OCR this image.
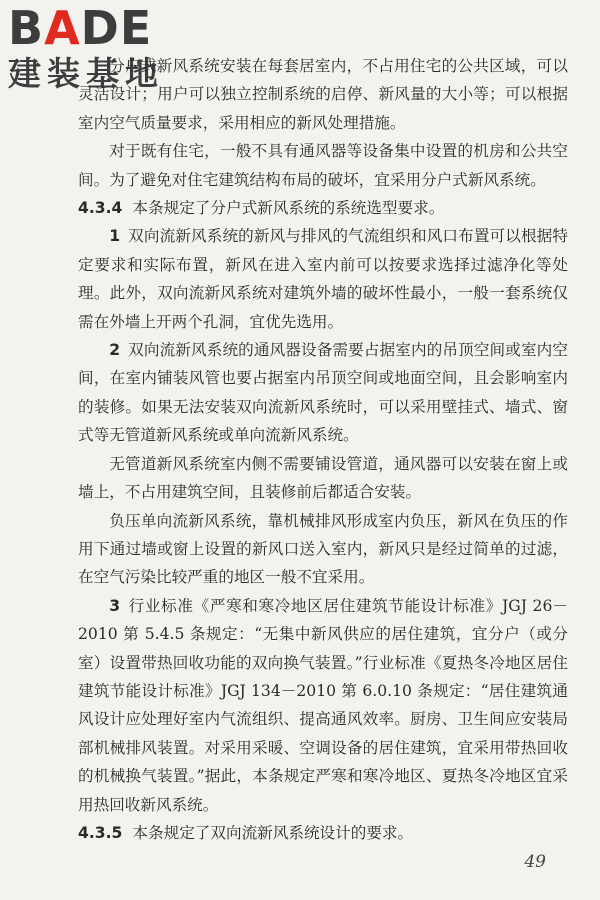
BADE
建装基地

分户式新风系统安装在每套居室内，不占用住宅的公共区域，可以灵活设计；用户可以独立控制系统的启停、新风量的大小等；可以根据室内空气质量要求，采用相应的新风处理措施。

对于既有住宅，一般不具有通风器等设备集中设置的机房和公共空间。为了避免对住宅建筑结构布局的破坏，宜采用分户式新风系统。

4.3.4 本条规定了分户式新风系统的系统选型要求。

1 双向流新风系统的新风与排风的气流组织和风口布置可以根据特定要求和实际布置，新风在进入室内前可以按要求选择过滤净化等处理。此外，双向流新风系统对建筑外墙的破坏性最小，一般一套系统仅需在外墙上开两个孔洞，宜优先选用。

2 双向流新风系统的通风器设备需要占据室内的吊顶空间或室内空间，在室内铺装风管也要占据室内吊顶空间或地面空间，且会影响室内的装修。如果无法安装双向流新风系统时，可以采用壁挂式、墙式、窗式等无管道新风系统或单向流新风系统。

无管道新风系统室内侧不需要铺设管道，通风器可以安装在窗上或墙上，不占用建筑空间，且装修前后都适合安装。

负压单向流新风系统，靠机械排风形成室内负压，新风在负压的作用下通过墙或窗上设置的新风口送入室内，新风只是经过简单的过滤，在空气污染比较严重的地区一般不宜采用。

3 行业标准《严寒和寒冷地区居住建筑节能设计标准》JGJ 26－2010 第 5.4.5 条规定：“无集中新风供应的居住建筑，宜分户（或分室）设置带热回收功能的双向换气装置。”行业标准《夏热冬冷地区居住建筑节能设计标准》JGJ 134－2010 第 6.0.10 条规定：“居住建筑通风设计应处理好室内气流组织、提高通风效率。厨房、卫生间应安装局部机械排风装置。对采用采暖、空调设备的居住建筑，宜采用带热回收的机械换气装置。”据此，本条规定严寒和寒冷地区、夏热冬冷地区宜采用热回收新风系统。

4.3.5 本条规定了双向流新风系统设计的要求。

49
